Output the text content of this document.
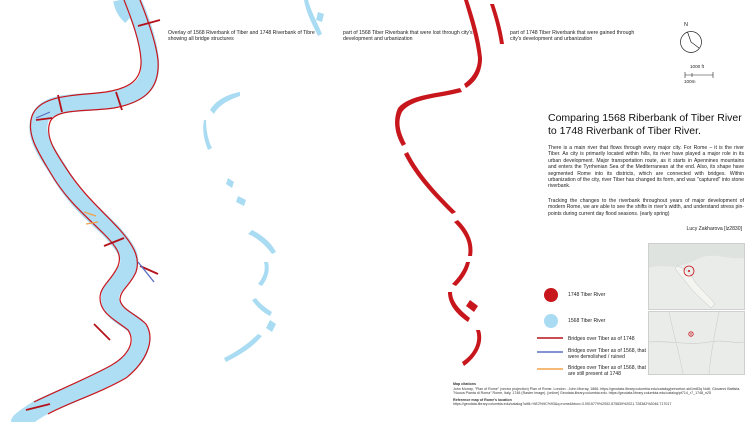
Overlay of 1568 Riverbank of Tiber and 1748 Riverbank of Tibre showing all bridge structures
part of 1568 Tiber Riverbank that were lost through city's development and urbanization
part of 1748 Tiber Riverbank that were gained through city's development and urbanization
N
1000 ft
100m
Comparing 1568 Riberbank of Tiber River to 1748 Riverbank of Tiber River.
There is a main river that flows through every major city. For Rome – it is the river Tiber. As city is primarily located within hills, its river have played a major role in its urban development. Major transportation route, as it starts in Apennines mountains and enters the Tyrrhenian Sea of the Mediterranean at the end. Also, its shape have segmented Rome into its districts, which are connected with bridges. Within urbanization of the city, river Tiber has changed its form, and was "captured" into stone riverbank.
Tracking the changes to the riverbank throughout years of major development of modern Rome, we are able to see the shifts in river's width, and understand stress pin-points during current day flood seasons. (early spring)
Lucy Zakharova [lz2830]
1748 Tiber River
1568 Tiber River
Bridges over Tiber as of 1748
Bridges over Tiber as of 1568, that were demolished / ruined
Bridges over Tiber as of 1568, that are still present at 1748
Map citations
John Murray. "Plan of Rome" (vector projection) Plan of Rome. London : John Murray, 1866. https://geodata.library.columbia.edu/catalog/princeton-skt1m83q Nolli, Giovanni Battista. "Nuova Pianta di Roma" Rome, Italy, 1748 (Raster Image). [online] Geodata.library.columbia.edu. https://geodata.library.columbia.edu/catalog/pt714_r7_1748_n25
Reference map of Rome's location
https://geodata.library.columbia.edu/catalog?utf8=%E2%9C%93&q=rome&bbox=3.0915779%2052.875839%2021.728382%2046.717017
